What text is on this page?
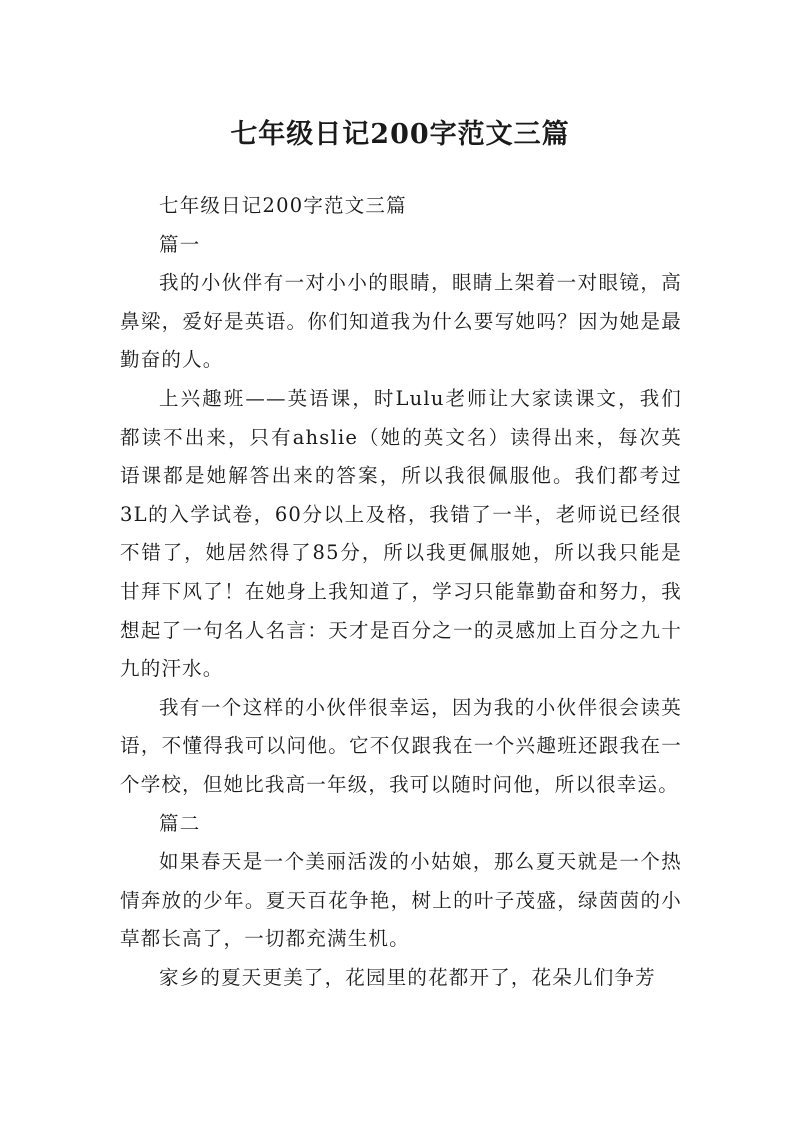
七年级日记200字范文三篇

七年级日记200字范文三篇

篇一

我的小伙伴有一对小小的眼睛，眼睛上架着一对眼镜，高鼻梁，爱好是英语。你们知道我为什么要写她吗？因为她是最勤奋的人。

上兴趣班——英语课，时Lulu老师让大家读课文，我们都读不出来，只有ahslie（她的英文名）读得出来，每次英语课都是她解答出来的答案，所以我很佩服他。我们都考过3L的入学试卷，60分以上及格，我错了一半，老师说已经很不错了，她居然得了85分，所以我更佩服她，所以我只能是甘拜下风了！在她身上我知道了，学习只能靠勤奋和努力，我想起了一句名人名言：天才是百分之一的灵感加上百分之九十九的汗水。

我有一个这样的小伙伴很幸运，因为我的小伙伴很会读英语，不懂得我可以问他。它不仅跟我在一个兴趣班还跟我在一个学校，但她比我高一年级，我可以随时问他，所以很幸运。

篇二

如果春天是一个美丽活泼的小姑娘，那么夏天就是一个热情奔放的少年。夏天百花争艳，树上的叶子茂盛，绿茵茵的小草都长高了，一切都充满生机。

家乡的夏天更美了，花园里的花都开了，花朵儿们争芳
